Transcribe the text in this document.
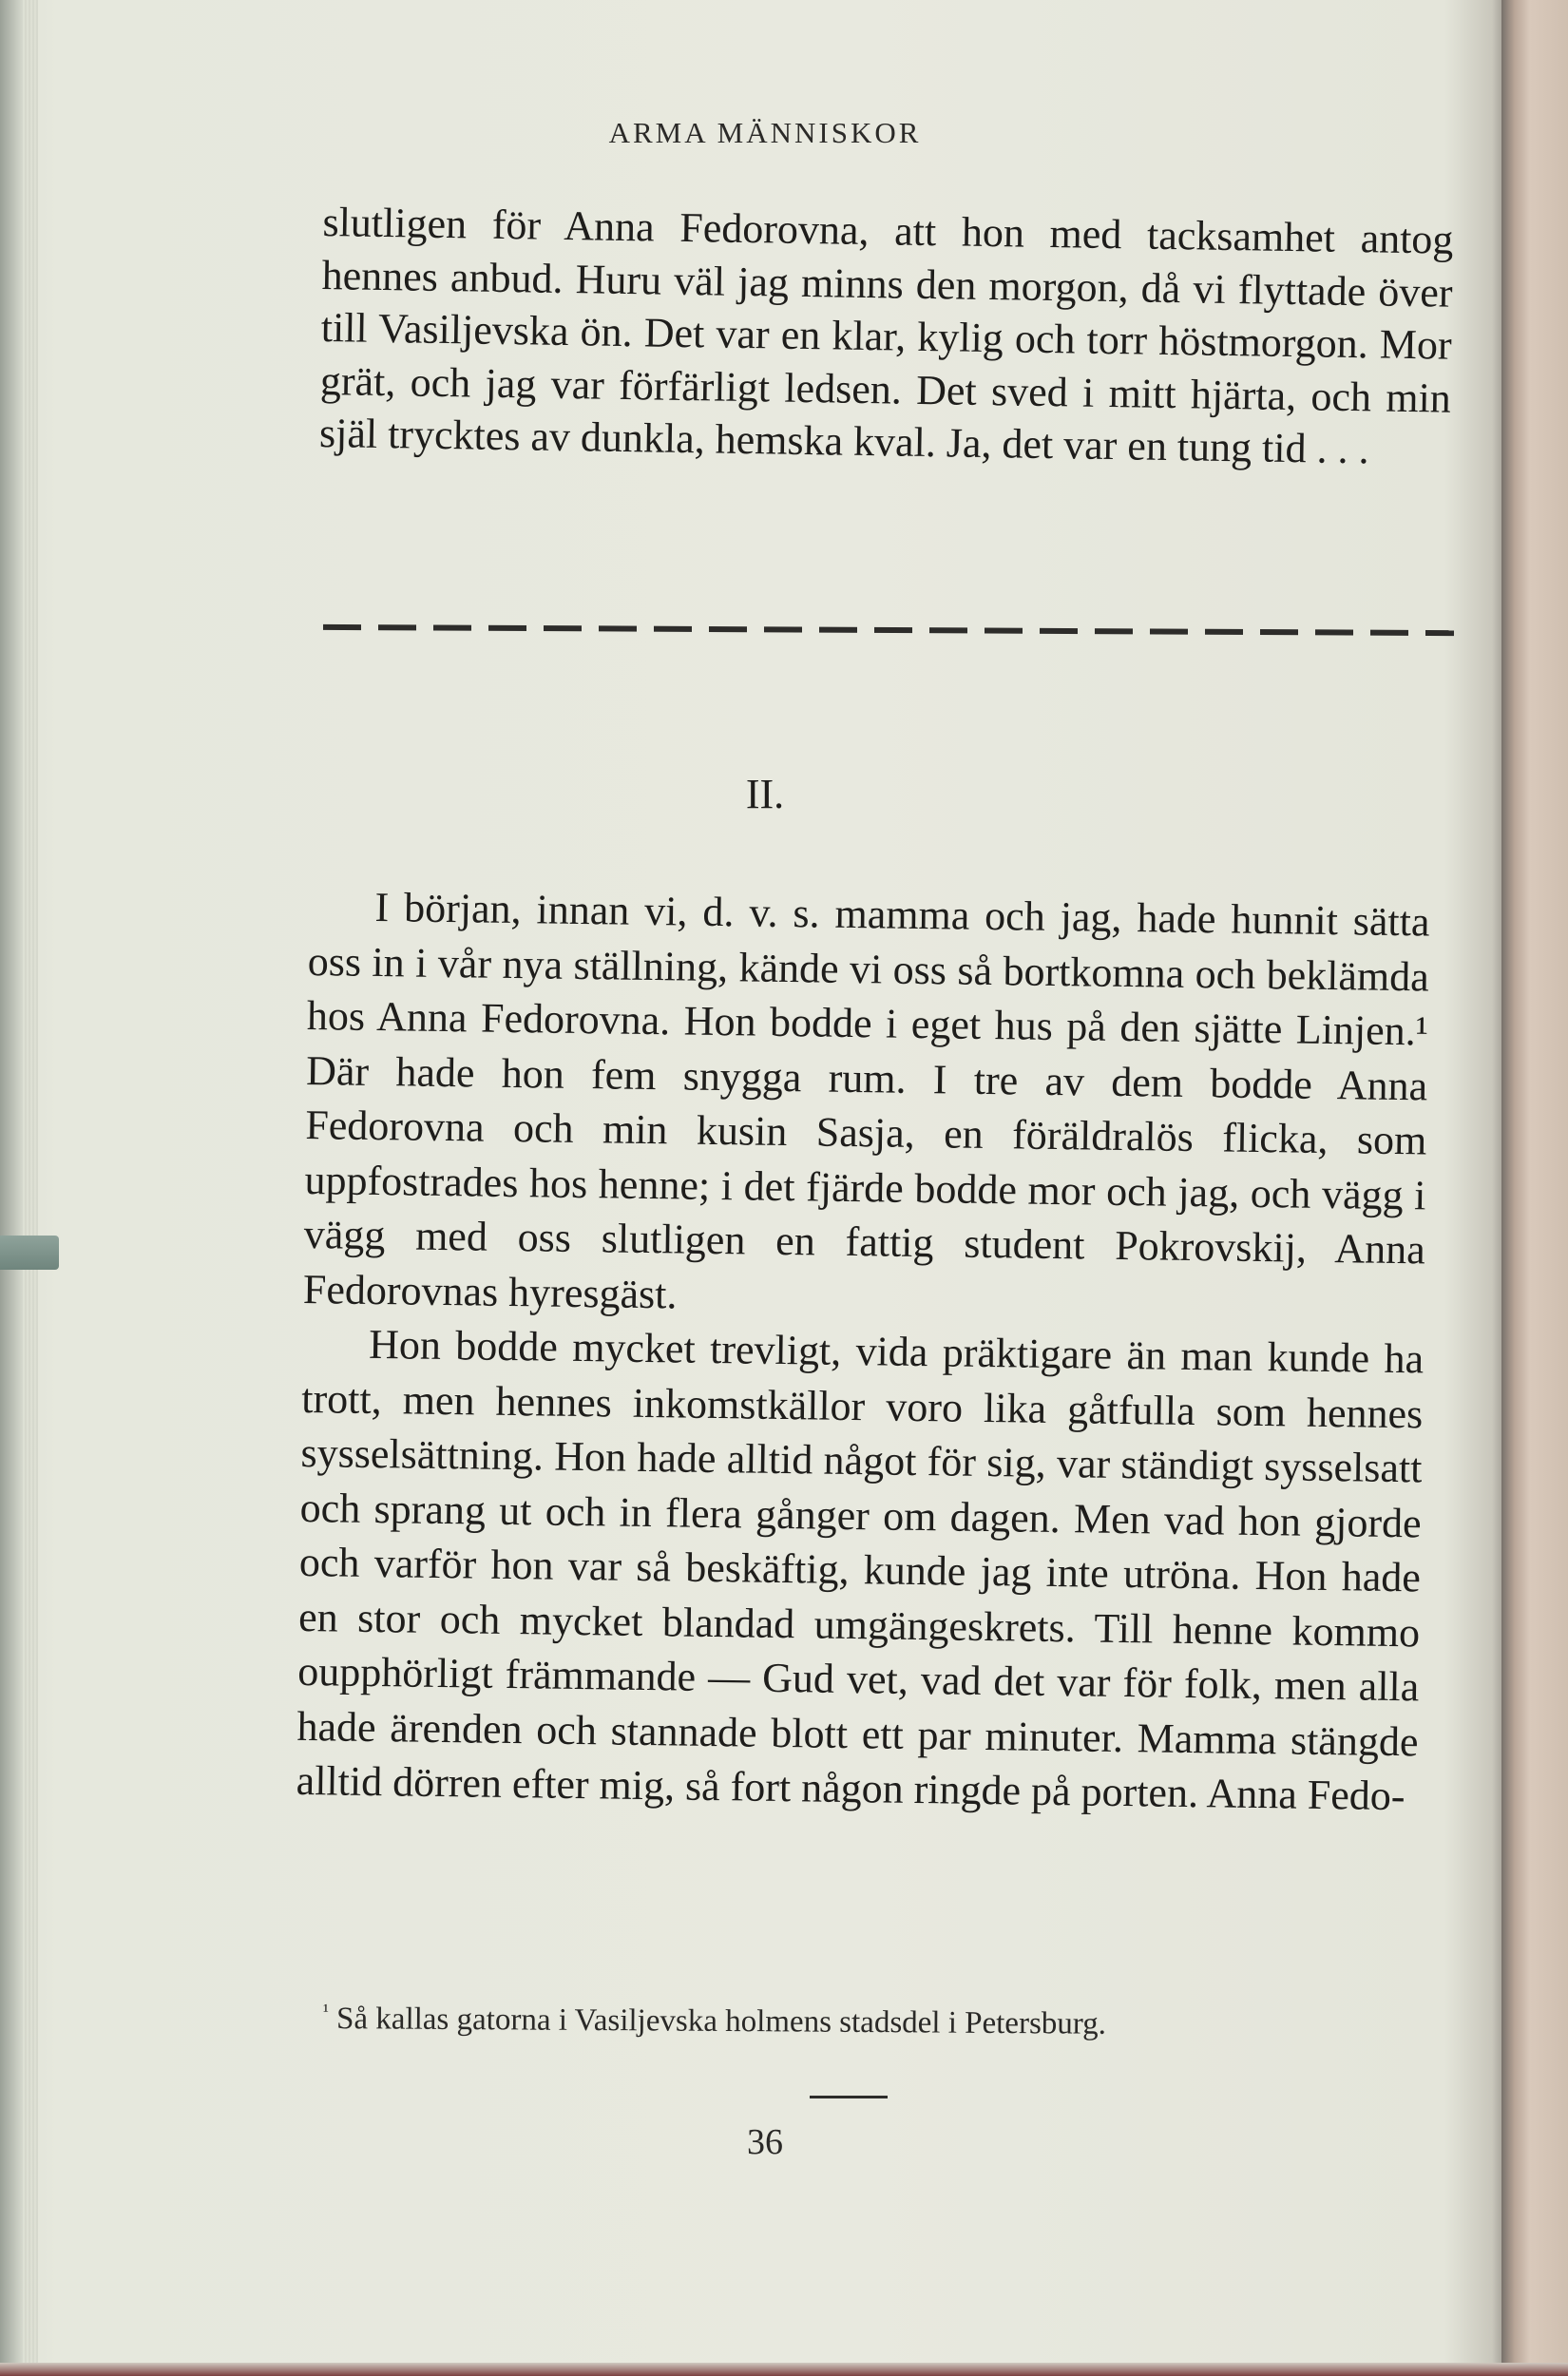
ARMA MÄNNISKOR

slutligen för Anna Fedorovna, att hon med tacksamhet antog hennes anbud. Huru väl jag minns den morgon, då vi flyttade över till Vasiljevska ön. Det var en klar, kylig och torr höstmorgon. Mor grät, och jag var förfärligt ledsen. Det sved i mitt hjärta, och min själ trycktes av dunkla, hemska kval. Ja, det var en tung tid . . .

II.

I början, innan vi, d. v. s. mamma och jag, hade hunnit sätta oss in i vår nya ställning, kände vi oss så bortkomna och beklämda hos Anna Fedorovna. Hon bodde i eget hus på den sjätte Linjen.¹ Där hade hon fem snygga rum. I tre av dem bodde Anna Fedorovna och min kusin Sasja, en föräldralös flicka, som uppfostrades hos henne; i det fjärde bodde mor och jag, och vägg i vägg med oss slutligen en fattig student Pokrovskij, Anna Fedorovnas hyresgäst.

Hon bodde mycket trevligt, vida präktigare än man kunde ha trott, men hennes inkomstkällor voro lika gåtfulla som hennes sysselsättning. Hon hade alltid något för sig, var ständigt sysselsatt och sprang ut och in flera gånger om dagen. Men vad hon gjorde och varför hon var så beskäftig, kunde jag inte utröna. Hon hade en stor och mycket blandad umgängeskrets. Till henne kommo oupphörligt främmande — Gud vet, vad det var för folk, men alla hade ärenden och stannade blott ett par minuter. Mamma stängde alltid dörren efter mig, så fort någon ringde på porten. Anna Fedo-

$^{^1}$ Så kallas gatorna i Vasiljevska holmens stadsdel i Petersburg.
36
